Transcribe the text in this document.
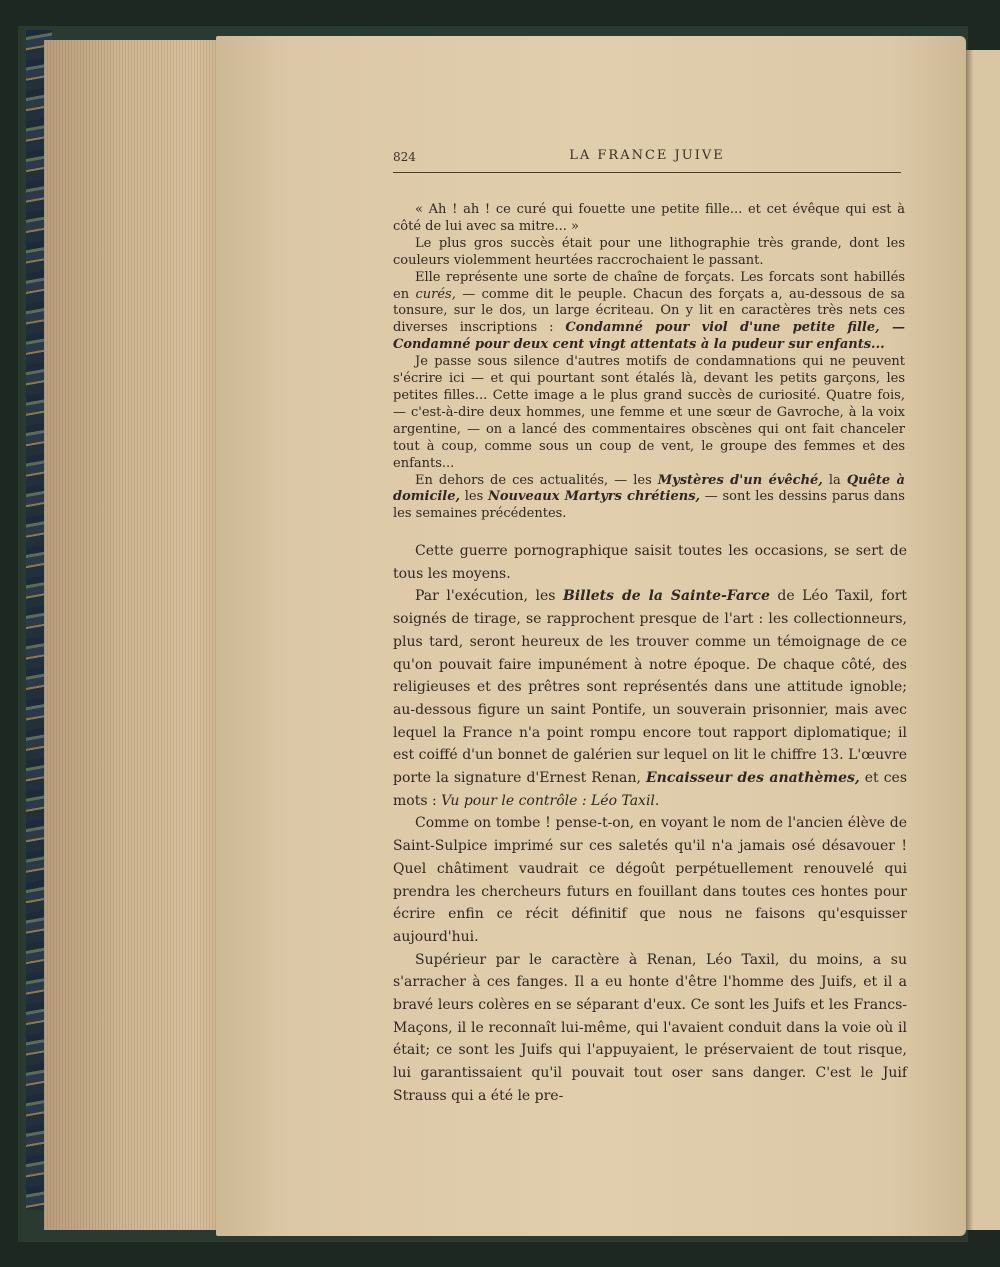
824	LA FRANCE JUIVE

« Ah ! ah ! ce curé qui fouette une petite fille... et cet évêque qui est à côté de lui avec sa mitre... »

Le plus gros succès était pour une lithographie très grande, dont les couleurs violemment heurtées raccrochaient le passant.

Elle représente une sorte de chaîne de forçats. Les forcats sont habillés en curés, — comme dit le peuple. Chacun des forçats a, au-dessous de sa tonsure, sur le dos, un large écriteau. On y lit en caractères très nets ces diverses inscriptions : Condamné pour viol d'une petite fille, — Condamné pour deux cent vingt attentats à la pudeur sur enfants...

Je passe sous silence d'autres motifs de condamnations qui ne peuvent s'écrire ici — et qui pourtant sont étalés là, devant les petits garçons, les petites filles... Cette image a le plus grand succès de curiosité. Quatre fois, — c'est-à-dire deux hommes, une femme et une sœur de Gavroche, à la voix argentine, — on a lancé des commentaires obscènes qui ont fait chanceler tout à coup, comme sous un coup de vent, le groupe des femmes et des enfants...

En dehors de ces actualités, — les Mystères d'un évêché, la Quête à domicile, les Nouveaux Martyrs chrétiens, — sont les dessins parus dans les semaines précédentes.

Cette guerre pornographique saisit toutes les occasions, se sert de tous les moyens.

Par l'exécution, les Billets de la Sainte-Farce de Léo Taxil, fort soignés de tirage, se rapprochent presque de l'art : les collectionneurs, plus tard, seront heureux de les trouver comme un témoignage de ce qu'on pouvait faire impunément à notre époque. De chaque côté, des religieuses et des prêtres sont représentés dans une attitude ignoble; au-dessous figure un saint Pontife, un souverain prisonnier, mais avec lequel la France n'a point rompu encore tout rapport diplomatique; il est coiffé d'un bonnet de galérien sur lequel on lit le chiffre 13. L'œuvre porte la signature d'Ernest Renan, Encaisseur des anathèmes, et ces mots : Vu pour le contrôle : Léo Taxil.

Comme on tombe ! pense-t-on, en voyant le nom de l'ancien élève de Saint-Sulpice imprimé sur ces saletés qu'il n'a jamais osé désavouer ! Quel châtiment vaudrait ce dégoût perpétuellement renouvelé qui prendra les chercheurs futurs en fouillant dans toutes ces hontes pour écrire enfin ce récit définitif que nous ne faisons qu'esquisser aujourd'hui.

Supérieur par le caractère à Renan, Léo Taxil, du moins, a su s'arracher à ces fanges. Il a eu honte d'être l'homme des Juifs, et il a bravé leurs colères en se séparant d'eux. Ce sont les Juifs et les Francs-Maçons, il le reconnaît lui-même, qui l'avaient conduit dans la voie où il était; ce sont les Juifs qui l'appuyaient, le préservaient de tout risque, lui garantissaient qu'il pouvait tout oser sans danger. C'est le Juif Strauss qui a été le pre-
